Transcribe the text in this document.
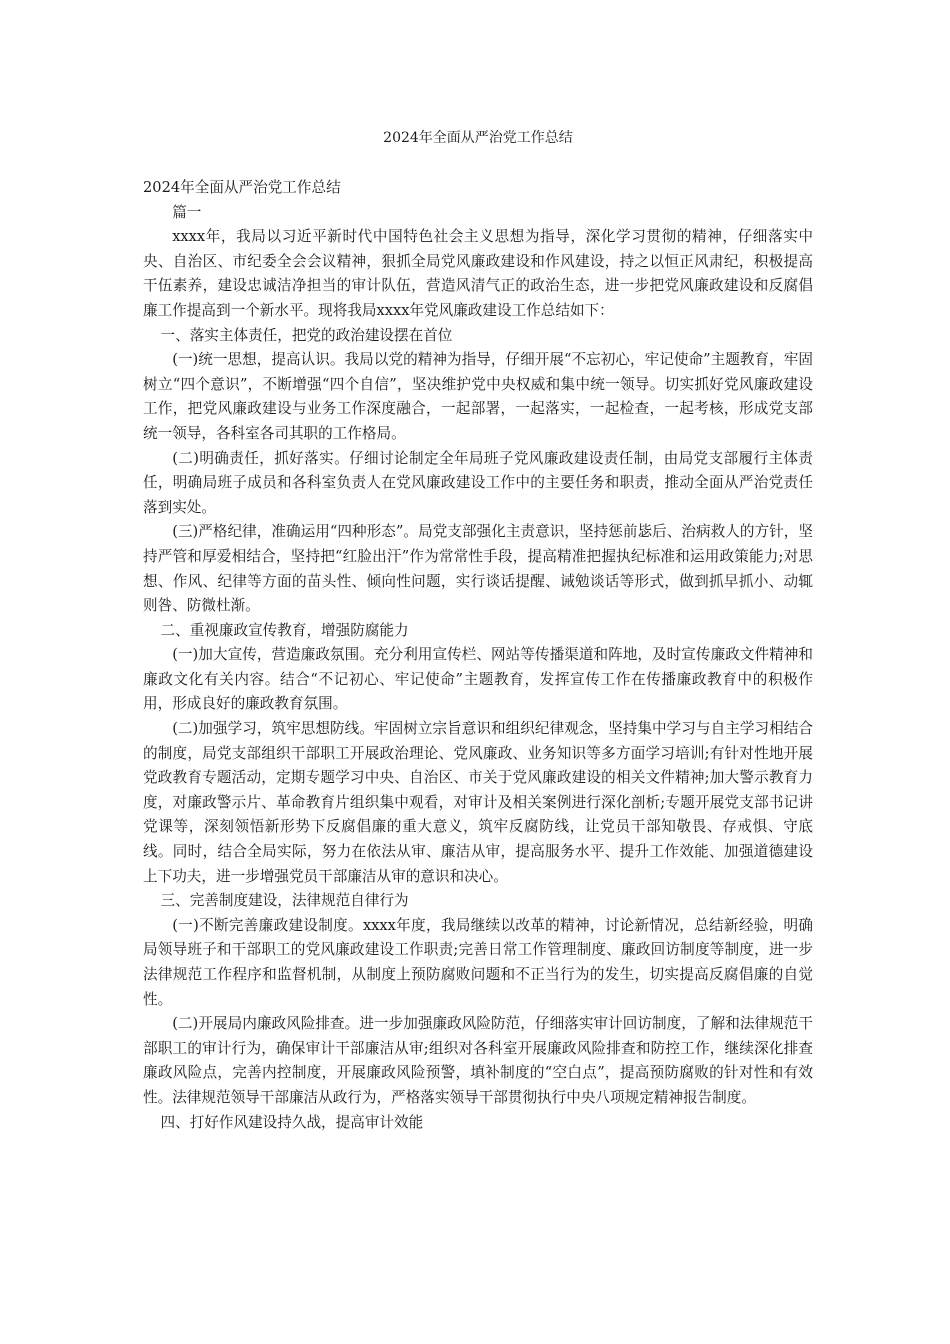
2024年全面从严治党工作总结

2024年全面从严治党工作总结

篇一

xxxx年，我局以习近平新时代中国特色社会主义思想为指导，深化学习贯彻的精神，仔细落实中央、自治区、市纪委全会会议精神，狠抓全局党风廉政建设和作风建设，持之以恒正风肃纪，积极提高干伍素养，建设忠诚洁净担当的审计队伍，营造风清气正的政治生态，进一步把党风廉政建设和反腐倡廉工作提高到一个新水平。现将我局xxxx年党风廉政建设工作总结如下：

一、落实主体责任，把党的政治建设摆在首位

(一)统一思想，提高认识。我局以党的精神为指导，仔细开展“不忘初心，牢记使命”主题教育，牢固树立“四个意识”，不断增强“四个自信”，坚决维护党中央权威和集中统一领导。切实抓好党风廉政建设工作，把党风廉政建设与业务工作深度融合，一起部署，一起落实，一起检查，一起考核，形成党支部统一领导，各科室各司其职的工作格局。

(二)明确责任，抓好落实。仔细讨论制定全年局班子党风廉政建设责任制，由局党支部履行主体责任，明确局班子成员和各科室负责人在党风廉政建设工作中的主要任务和职责，推动全面从严治党责任落到实处。

(三)严格纪律，准确运用“四种形态”。局党支部强化主责意识，坚持惩前毖后、治病救人的方针，坚持严管和厚爱相结合，坚持把“红脸出汗”作为常常性手段，提高精准把握执纪标准和运用政策能力;对思想、作风、纪律等方面的苗头性、倾向性问题，实行谈话提醒、诫勉谈话等形式，做到抓早抓小、动辄则咎、防微杜渐。

二、重视廉政宣传教育，增强防腐能力

(一)加大宣传，营造廉政氛围。充分利用宣传栏、网站等传播渠道和阵地，及时宣传廉政文件精神和廉政文化有关内容。结合“不记初心、牢记使命”主题教育，发挥宣传工作在传播廉政教育中的积极作用，形成良好的廉政教育氛围。

(二)加强学习，筑牢思想防线。牢固树立宗旨意识和组织纪律观念，坚持集中学习与自主学习相结合的制度，局党支部组织干部职工开展政治理论、党风廉政、业务知识等多方面学习培训;有针对性地开展党政教育专题活动，定期专题学习中央、自治区、市关于党风廉政建设的相关文件精神;加大警示教育力度，对廉政警示片、革命教育片组织集中观看，对审计及相关案例进行深化剖析;专题开展党支部书记讲党课等，深刻领悟新形势下反腐倡廉的重大意义，筑牢反腐防线，让党员干部知敬畏、存戒惧、守底线。同时，结合全局实际，努力在依法从审、廉洁从审，提高服务水平、提升工作效能、加强道德建设上下功夫，进一步增强党员干部廉洁从审的意识和决心。

三、完善制度建设，法律规范自律行为

(一)不断完善廉政建设制度。xxxx年度，我局继续以改革的精神，讨论新情况，总结新经验，明确局领导班子和干部职工的党风廉政建设工作职责;完善日常工作管理制度、廉政回访制度等制度，进一步法律规范工作程序和监督机制，从制度上预防腐败问题和不正当行为的发生，切实提高反腐倡廉的自觉性。

(二)开展局内廉政风险排查。进一步加强廉政风险防范，仔细落实审计回访制度，了解和法律规范干部职工的审计行为，确保审计干部廉洁从审;组织对各科室开展廉政风险排查和防控工作，继续深化排查廉政风险点，完善内控制度，开展廉政风险预警，填补制度的“空白点”，提高预防腐败的针对性和有效性。法律规范领导干部廉洁从政行为，严格落实领导干部贯彻执行中央八项规定精神报告制度。

四、打好作风建设持久战，提高审计效能
